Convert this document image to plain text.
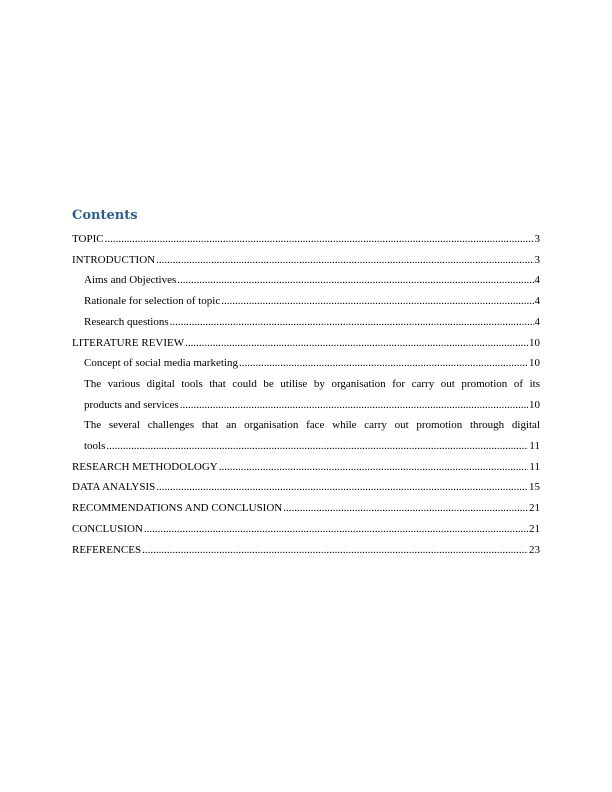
Contents
TOPIC .....	3
INTRODUCTION .....	3
Aims and Objectives .....	4
Rationale for selection of topic .....	4
Research questions .....	4
LITERATURE REVIEW .....	10
Concept of social media marketing .....	10
The various digital tools that could be utilise by organisation for carry out promotion of its
products and services .....	10
The several challenges that an organisation face while carry out promotion through digital
tools .....	11
RESEARCH METHODOLOGY .....	11
DATA ANALYSIS .....	15
RECOMMENDATIONS AND CONCLUSION .....	21
CONCLUSION .....	21
REFERENCES .....	23
